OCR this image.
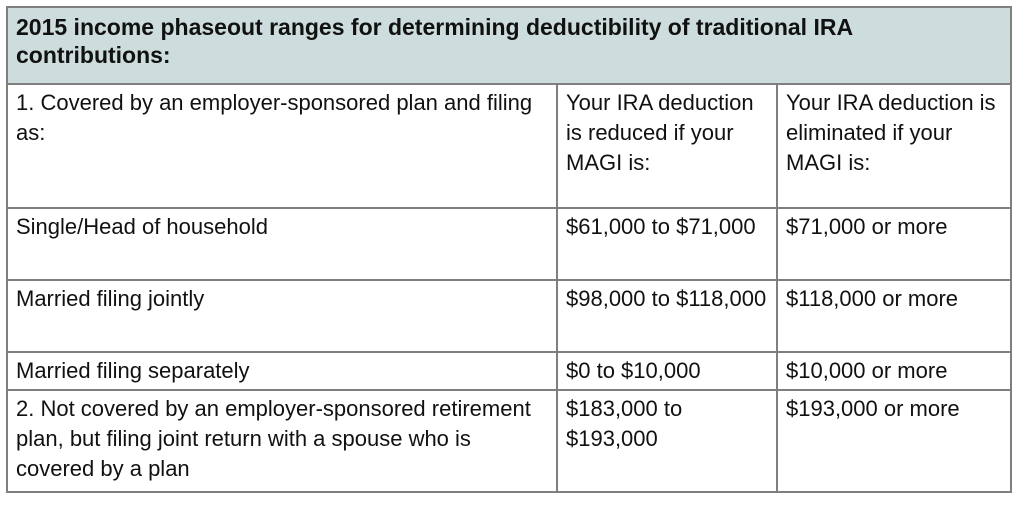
2015 income phaseout ranges for determining deductibility of traditional IRA contributions:		
1. Covered by an employer-sponsored plan and filing as:	Your IRA deduction is reduced if your MAGI is:	Your IRA deduction is eliminated if your MAGI is:
Single/Head of household	$61,000 to $71,000	$71,000 or more
Married filing jointly	$98,000 to $118,000	$118,000 or more
Married filing separately	$0 to $10,000	$10,000 or more
2. Not covered by an employer-sponsored retirement plan, but filing joint return with a spouse who is covered by a plan	$183,000 to $193,000	$193,000 or more
